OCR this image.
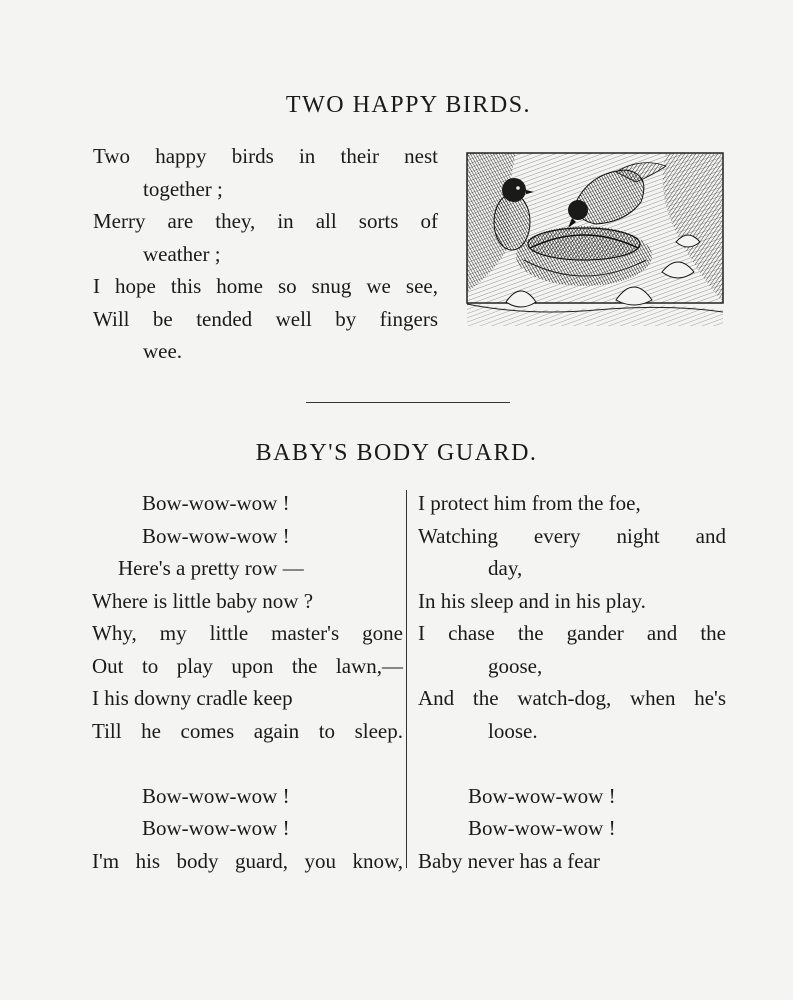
TWO HAPPY BIRDS.
Two happy birds in their nest
together ;
Merry are they, in all sorts of
weather ;
I hope this home so snug we see,
Will be tended well by fingers
wee.
BABY'S BODY GUARD.
Bow-wow-wow !
Bow-wow-wow !
Here's a pretty row —
Where is little baby now ?
Why, my little master's gone
Out to play upon the lawn,—
I his downy cradle keep
Till he comes again to sleep.

Bow-wow-wow !
Bow-wow-wow !
I'm his body guard, you know,
I protect him from the foe,
Watching every night and
day,
In his sleep and in his play.
I chase the gander and the
goose,
And the watch-dog, when he's
loose.

Bow-wow-wow !
Bow-wow-wow !
Baby never has a fear
